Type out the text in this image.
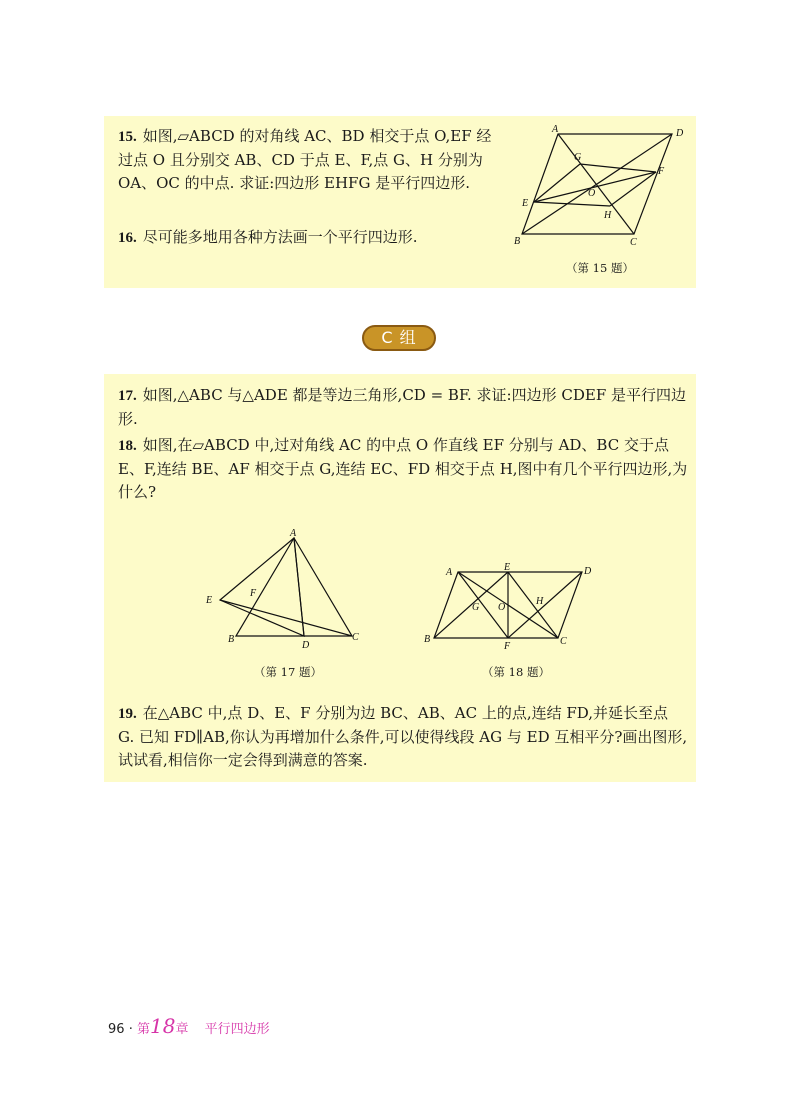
15. 如图,▱ABCD 的对角线 AC、BD 相交于点 O,EF 经过点 O 且分别交 AB、CD 于点 E、F,点 G、H 分别为 OA、OC 的中点. 求证:四边形 EHFG 是平行四边形.
16. 尽可能多地用各种方法画一个平行四边形.
A	D
B	C
E
F
G
H
O
（第 15 题）
C 组
17. 如图,△ABC 与△ADE 都是等边三角形,CD = BF. 求证:四边形 CDEF 是平行四边形.
18. 如图,在▱ABCD 中,过对角线 AC 的中点 O 作直线 EF 分别与 AD、BC 交于点 E、F,连结 BE、AF 相交于点 G,连结 EC、FD 相交于点 H,图中有几个平行四边形,为什么?
A
B	C
D
E
F
（第 17 题）
A	D
B	C
E
F
G
H
O
（第 18 题）
19. 在△ABC 中,点 D、E、F 分别为边 BC、AB、AC 上的点,连结 FD,并延长至点 G. 已知 FD∥AB,你认为再增加什么条件,可以使得线段 AG 与 ED 互相平分?画出图形,试试看,相信你一定会得到满意的答案.
96 · 第18章 平行四边形
